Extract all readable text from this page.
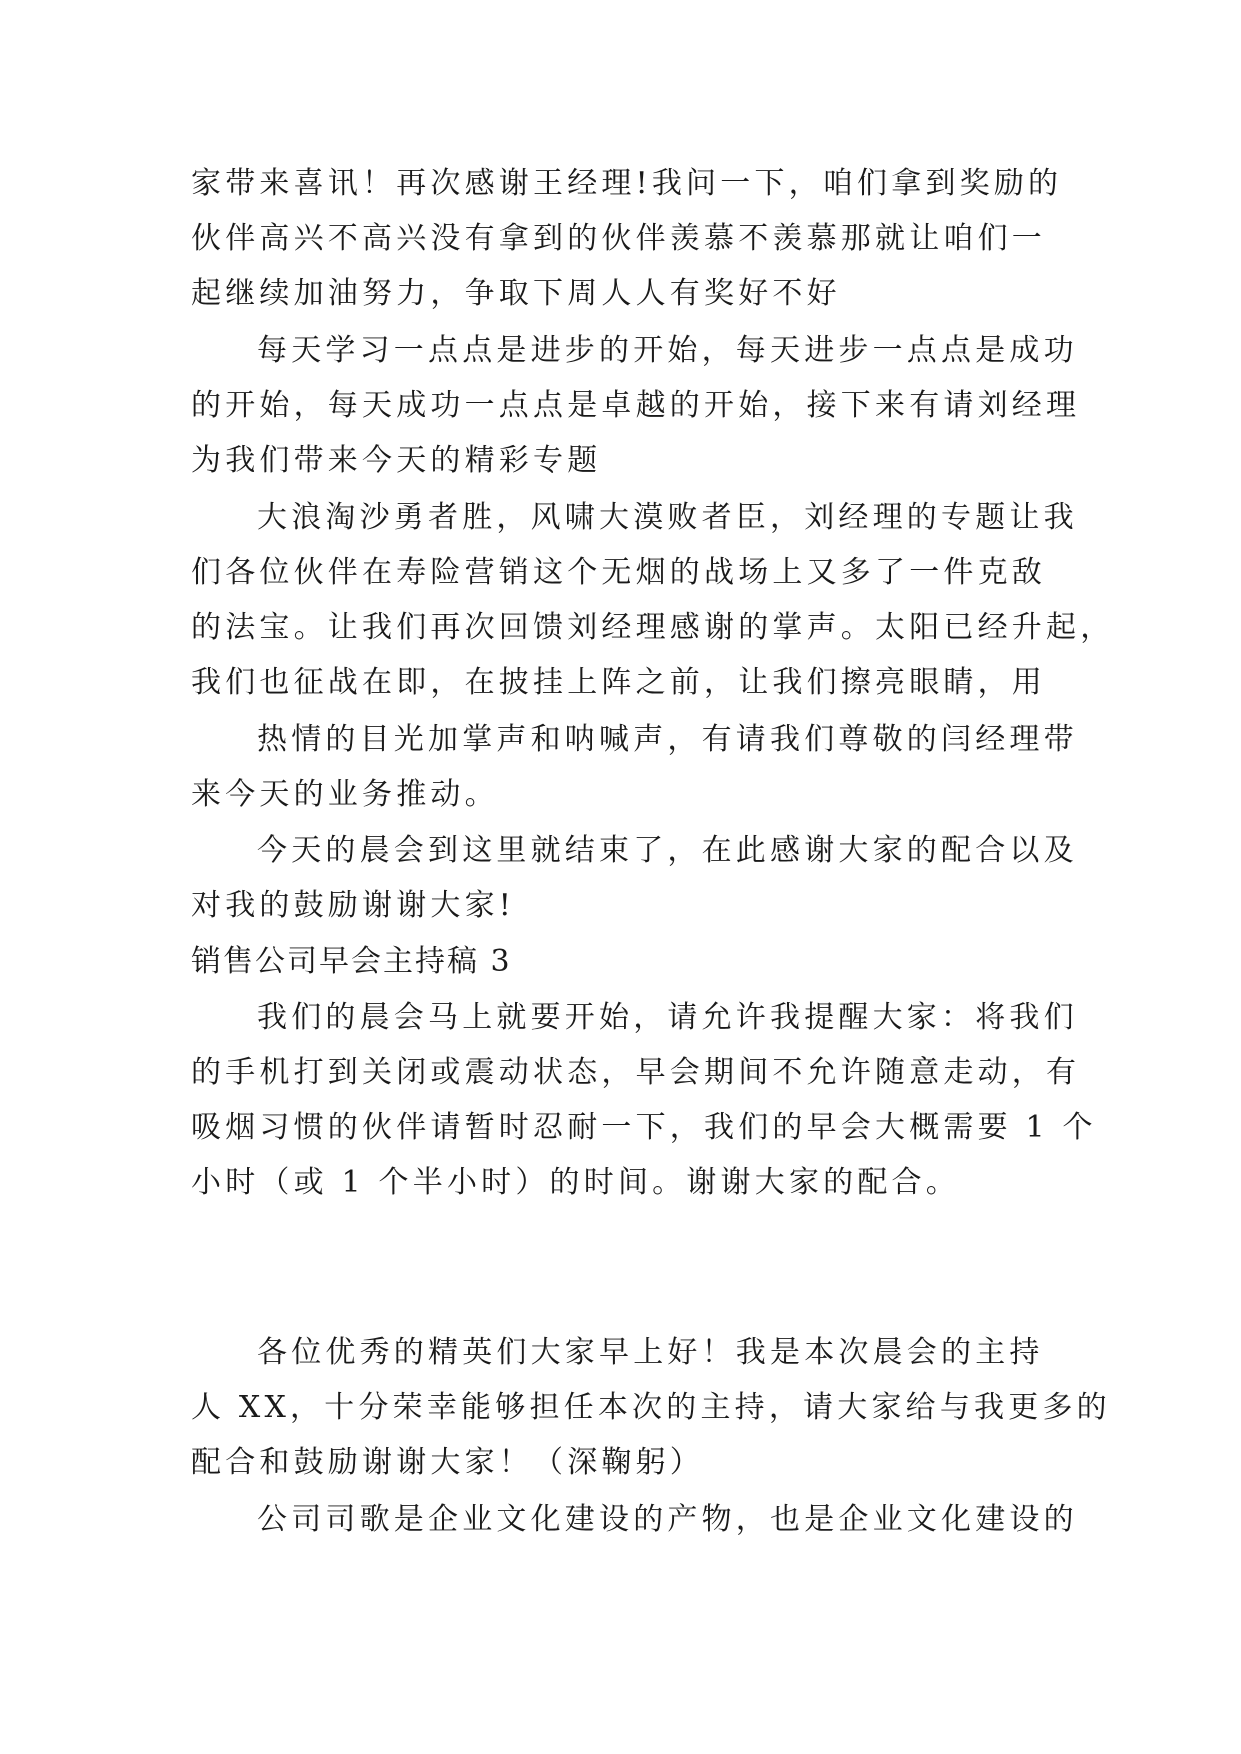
家带来喜讯！再次感谢王经理!我问一下，咱们拿到奖励的
伙伴高兴不高兴没有拿到的伙伴羡慕不羡慕那就让咱们一
起继续加油努力，争取下周人人有奖好不好
每天学习一点点是进步的开始，每天进步一点点是成功
的开始，每天成功一点点是卓越的开始，接下来有请刘经理
为我们带来今天的精彩专题
大浪淘沙勇者胜，风啸大漠败者臣，刘经理的专题让我
们各位伙伴在寿险营销这个无烟的战场上又多了一件克敌
的法宝。让我们再次回馈刘经理感谢的掌声。太阳已经升起，
我们也征战在即，在披挂上阵之前，让我们擦亮眼睛，用
热情的目光加掌声和呐喊声，有请我们尊敬的闫经理带
来今天的业务推动。
今天的晨会到这里就结束了，在此感谢大家的配合以及
对我的鼓励谢谢大家!
销售公司早会主持稿 3
我们的晨会马上就要开始，请允许我提醒大家：将我们
的手机打到关闭或震动状态，早会期间不允许随意走动，有
吸烟习惯的伙伴请暂时忍耐一下，我们的早会大概需要 1 个
小时（或 1 个半小时）的时间。谢谢大家的配合。
各位优秀的精英们大家早上好！我是本次晨会的主持
人 XX，十分荣幸能够担任本次的主持，请大家给与我更多的
配合和鼓励谢谢大家！（深鞠躬）
公司司歌是企业文化建设的产物，也是企业文化建设的
